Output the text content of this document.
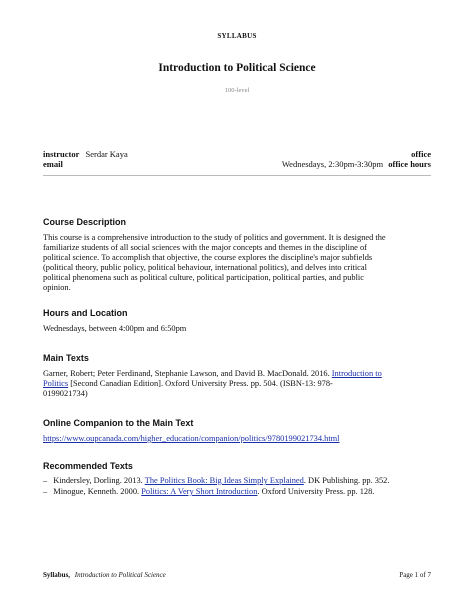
SYLLABUS
Introduction to Political Science
100-level
instructor Serdar Kaya
email
office
Wednesdays, 2:30pm-3:30pm office hours
Course Description
This course is a comprehensive introduction to the study of politics and government. It is designed the
familiarize students of all social sciences with the major concepts and themes in the discipline of
political science. To accomplish that objective, the course explores the discipline's major subfields
(political theory, public policy, political behaviour, international politics), and delves into critical
political phenomena such as political culture, political participation, political parties, and public
opinion.
Hours and Location
Wednesdays, between 4:00pm and 6:50pm
Main Texts
Garner, Robert; Peter Ferdinand, Stephanie Lawson, and David B. MacDonald. 2016. Introduction to
Politics [Second Canadian Edition]. Oxford University Press. pp. 504. (ISBN-13: 978-
0199021734)
Online Companion to the Main Text
https://www.oupcanada.com/higher_education/companion/politics/9780199021734.html
Recommended Texts
– Kindersley, Dorling. 2013. The Politics Book: Big Ideas Simply Explained. DK Publishing. pp. 352.
– Minogue, Kenneth. 2000. Politics: A Very Short Introduction. Oxford University Press. pp. 128.
Syllabus, Introduction to Political Science	Page 1 of 7
